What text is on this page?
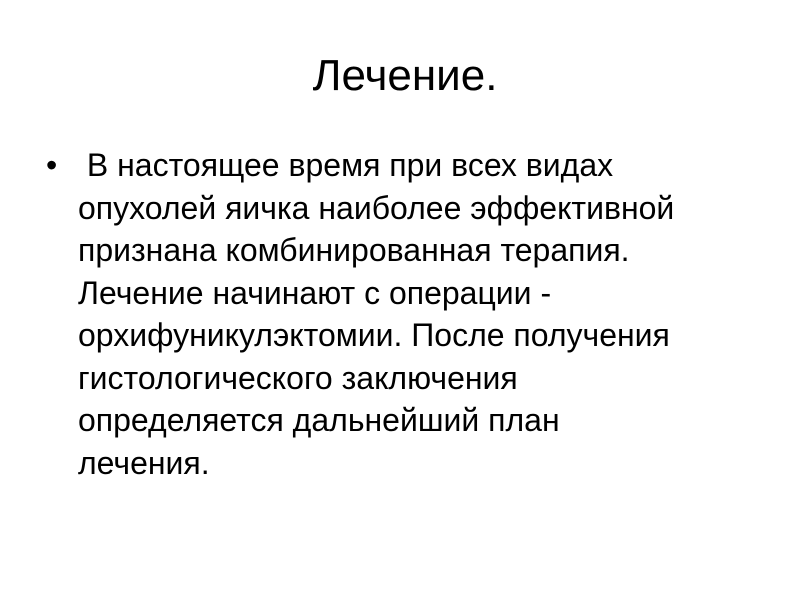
Лечение.
• В настоящее время при всех видах
опухолей яичка наиболее эффективной
признана комбинированная терапия.
Лечение начинают с операции -
орхифуникулэктомии. После получения
гистологического заключения
определяется дальнейший план
лечения.
